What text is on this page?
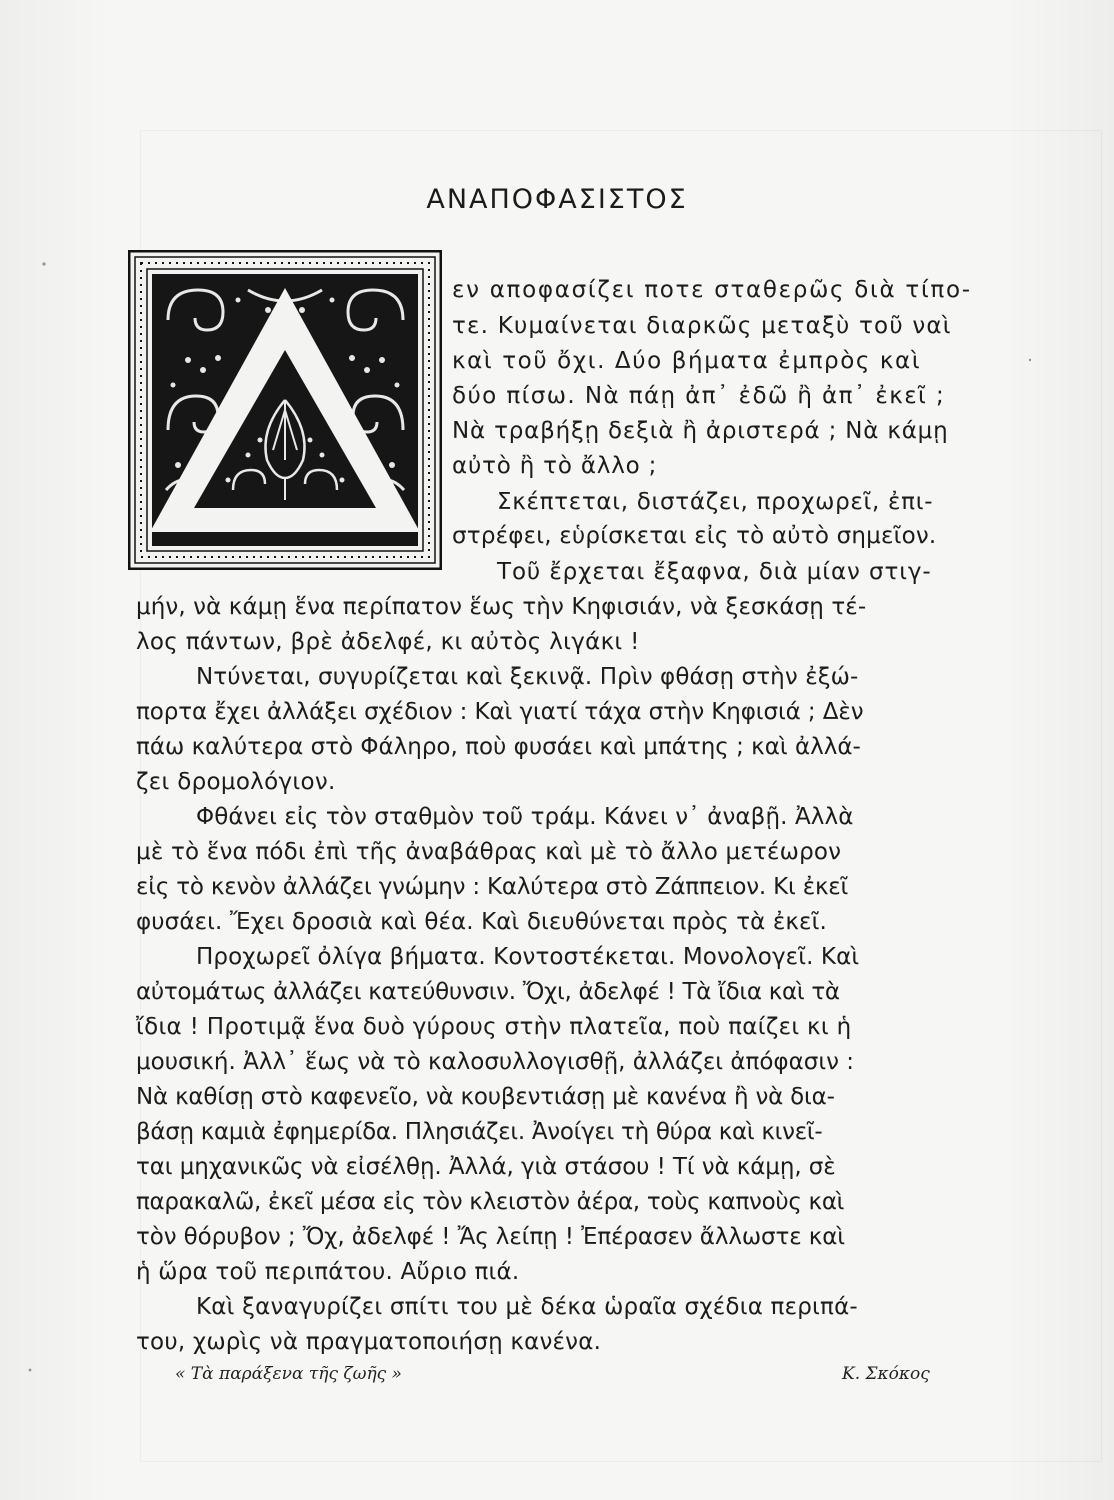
ΑΝΑΠΟΦΑΣΙΣΤΟΣ
εν αποφασίζει ποτε σταθερῶς διὰ τίπο-
τε. Κυμαίνεται διαρκῶς μεταξὺ τοῦ ναὶ
καὶ τοῦ ὄχι. Δύο βήματα ἐμπρὸς καὶ
δύο πίσω. Νὰ πάῃ ἀπ᾽ ἐδῶ ἢ ἀπ᾽ ἐκεῖ ;
Νὰ τραβήξῃ δεξιὰ ἢ ἀριστερά ; Νὰ κάμῃ
αὐτὸ ἢ τὸ ἄλλο ;
Σκέπτεται, διστάζει, προχωρεῖ, ἐπι-
στρέφει, εὑρίσκεται εἰς τὸ αὐτὸ σημεῖον.
Τοῦ ἔρχεται ἔξαφνα, διὰ μίαν στιγ-
μήν, νὰ κάμῃ ἕνα περίπατον ἕως τὴν Κηφισιάν, νὰ ξεσκάσῃ τέ-
λος πάντων, βρὲ ἀδελφέ, κι αὐτὸς λιγάκι !
Ντύνεται, συγυρίζεται καὶ ξεκινᾷ. Πρὶν φθάσῃ στὴν ἐξώ-
πορτα ἔχει ἀλλάξει σχέδιον : Καὶ γιατί τάχα στὴν Κηφισιά ; Δὲν
πάω καλύτερα στὸ Φάληρο, ποὺ φυσάει καὶ μπάτης ; καὶ ἀλλά-
ζει δρομολόγιον.
Φθάνει εἰς τὸν σταθμὸν τοῦ τράμ. Κάνει ν᾽ ἀναβῇ. Ἀλλὰ
μὲ τὸ ἕνα πόδι ἐπὶ τῆς ἀναβάθρας καὶ μὲ τὸ ἄλλο μετέωρον
εἰς τὸ κενὸν ἀλλάζει γνώμην : Καλύτερα στὸ Ζάππειον. Κι ἐκεῖ
φυσάει. Ἔχει δροσιὰ καὶ θέα. Καὶ διευθύνεται πρὸς τὰ ἐκεῖ.
Προχωρεῖ ὀλίγα βήματα. Κοντοστέκεται. Μονολογεῖ. Καὶ
αὐτομάτως ἀλλάζει κατεύθυνσιν. Ὄχι, ἀδελφέ ! Τὰ ἴδια καὶ τὰ
ἴδια ! Προτιμᾷ ἕνα δυὸ γύρους στὴν πλατεῖα, ποὺ παίζει κι ἡ
μουσική. Ἀλλ᾽ ἕως νὰ τὸ καλοσυλλογισθῇ, ἀλλάζει ἀπόφασιν :
Νὰ καθίσῃ στὸ καφενεῖο, νὰ κουβεντιάσῃ μὲ κανένα ἢ νὰ δια-
βάσῃ καμιὰ ἐφημερίδα. Πλησιάζει. Ἀνοίγει τὴ θύρα καὶ κινεῖ-
ται μηχανικῶς νὰ εἰσέλθῃ. Ἀλλά, γιὰ στάσου ! Τί νὰ κάμῃ, σὲ
παρακαλῶ, ἐκεῖ μέσα εἰς τὸν κλειστὸν ἀέρα, τοὺς καπνοὺς καὶ
τὸν θόρυβον ; Ὄχ, ἀδελφέ ! Ἄς λείπῃ ! Ἐπέρασεν ἄλλωστε καὶ
ἡ ὥρα τοῦ περιπάτου. Αὔριο πιά.
Καὶ ξαναγυρίζει σπίτι του μὲ δέκα ὡραῖα σχέδια περιπά-
του, χωρὶς νὰ πραγματοποιήσῃ κανένα.
« Τὰ παράξενα τῆς ζωῆς »	Κ. Σκόκος
